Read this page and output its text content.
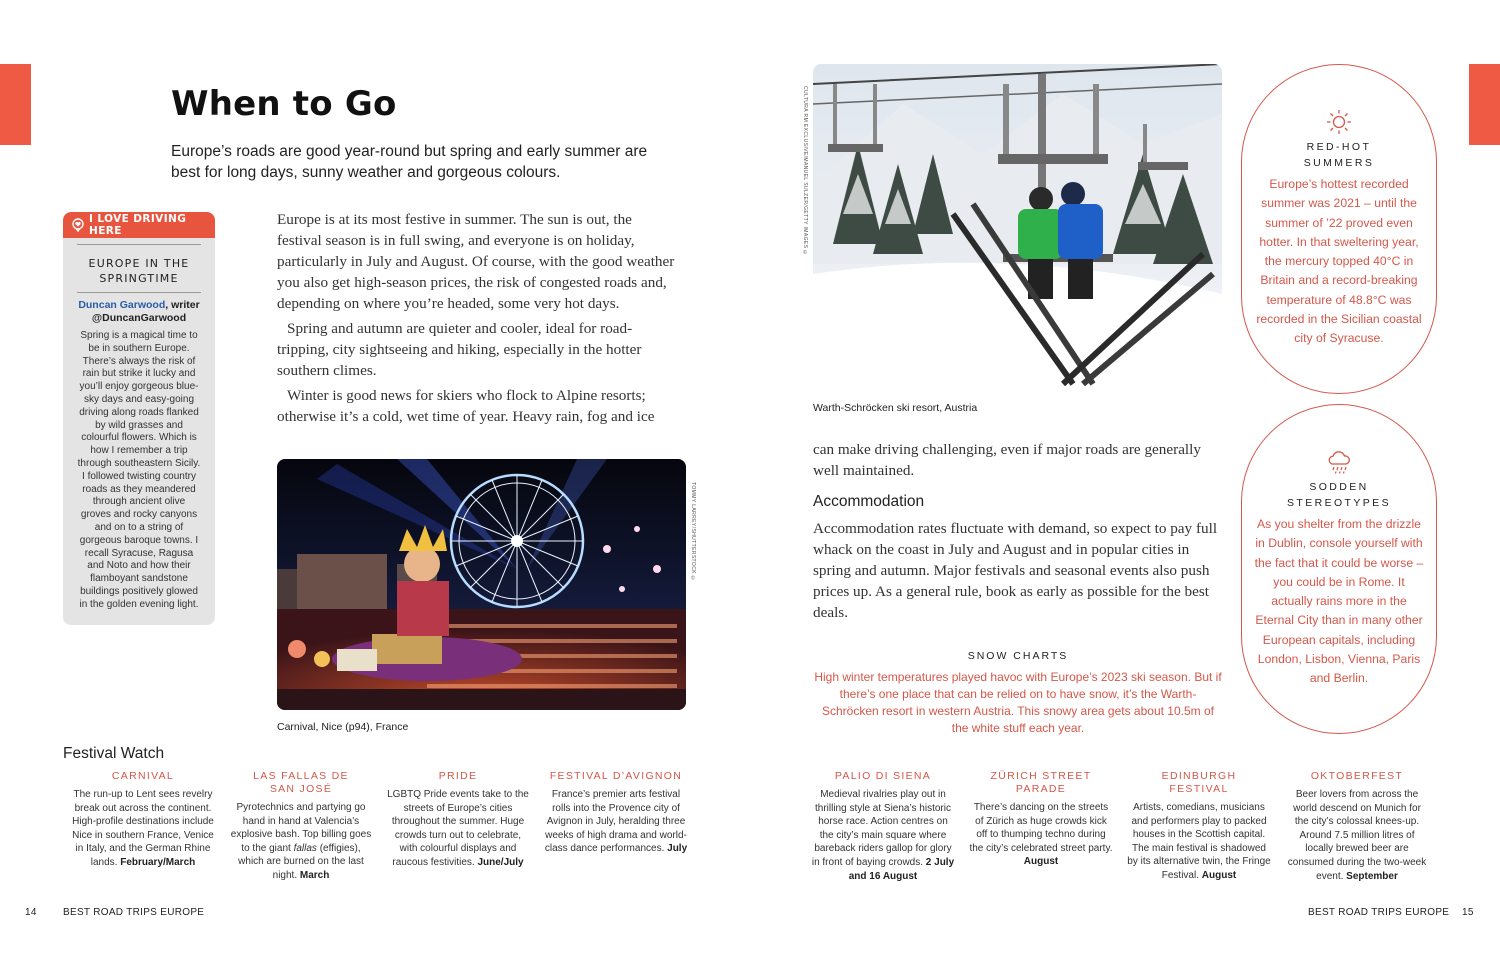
When to Go

Europe’s roads are good year-round but spring and early summer are best for long days, sunny weather and gorgeous colours.

I LOVE DRIVING HERE
EUROPE IN THE SPRINGTIME
Duncan Garwood, writer
@DuncanGarwood

Spring is a magical time to be in southern Europe. There’s always the risk of rain but strike it lucky and you’ll enjoy gorgeous blue-sky days and easy-going driving along roads flanked by wild grasses and colourful flowers. Which is how I remember a trip through southeastern Sicily. I followed twisting country roads as they meandered through ancient olive groves and rocky canyons and on to a string of gorgeous baroque towns. I recall Syracuse, Ragusa and Noto and how their flamboyant sandstone buildings positively glowed in the golden evening light.

Europe is at its most festive in summer. The sun is out, the festival season is in full swing, and everyone is on holiday, particularly in July and August. Of course, with the good weather you also get high-season prices, the risk of congested roads and, depending on where you’re headed, some very hot days.

Spring and autumn are quieter and cooler, ideal for road-tripping, city sightseeing and hiking, especially in the hotter southern climes.

Winter is good news for skiers who flock to Alpine resorts; otherwise it’s a cold, wet time of year. Heavy rain, fog and ice

Carnival, Nice (p94), France
TOMMY LARREY/SHUTTERSTOCK ©
Festival Watch
CARNIVAL
The run-up to Lent sees revelry break out across the continent. High-profile destinations include Nice in southern France, Venice in Italy, and the German Rhine lands. February/March
LAS FALLAS DE SAN JOSÉ
Pyrotechnics and partying go hand in hand at Valencia’s explosive bash. Top billing goes to the giant fallas (effigies), which are burned on the last night. March
PRIDE
LGBTQ Pride events take to the streets of Europe’s cities throughout the summer. Huge crowds turn out to celebrate, with colourful displays and raucous festivities. June/July
FESTIVAL D’AVIGNON
France’s premier arts festival rolls into the Provence city of Avignon in July, heralding three weeks of high drama and world-class dance performances. July
PALIO DI SIENA
Medieval rivalries play out in thrilling style at Siena’s historic horse race. Action centres on the city’s main square where bareback riders gallop for glory in front of baying crowds. 2 July and 16 August
ZÜRICH STREET PARADE
There’s dancing on the streets of Zürich as huge crowds kick off to thumping techno during the city’s celebrated street party. August
EDINBURGH FESTIVAL
Artists, comedians, musicians and performers play to packed houses in the Scottish capital. The main festival is shadowed by its alternative twin, the Fringe Festival. August
OKTOBERFEST
Beer lovers from across the world descend on Munich for the city’s colossal knees-up. Around 7.5 million litres of locally brewed beer are consumed during the two-week event. September
Warth-Schröcken ski resort, Austria
CULTURA RM EXCLUSIVE/MANUEL SULZER/GETTY IMAGES ©

can make driving challenging, even if major roads are generally well maintained.

Accommodation

Accommodation rates fluctuate with demand, so expect to pay full whack on the coast in July and August and in popular cities in spring and autumn. Major festivals and seasonal events also push prices up. As a general rule, book as early as possible for the best deals.

SNOW CHARTS

High winter temperatures played havoc with Europe’s 2023 ski season. But if there’s one place that can be relied on to have snow, it’s the Warth-Schröcken resort in western Austria. This snowy area gets about 10.5m of the white stuff each year.

RED-HOT SUMMERS
Europe’s hottest recorded summer was 2021 – until the summer of ’22 proved even hotter. In that sweltering year, the mercury topped 40°C in Britain and a record-breaking temperature of 48.8°C was recorded in the Sicilian coastal city of Syracuse.
SODDEN STEREOTYPES
As you shelter from the drizzle in Dublin, console yourself with the fact that it could be worse – you could be in Rome. It actually rains more in the Eternal City than in many other European capitals, including London, Lisbon, Vienna, Paris and Berlin.
14	BEST ROAD TRIPS EUROPE	BEST ROAD TRIPS EUROPE 15
